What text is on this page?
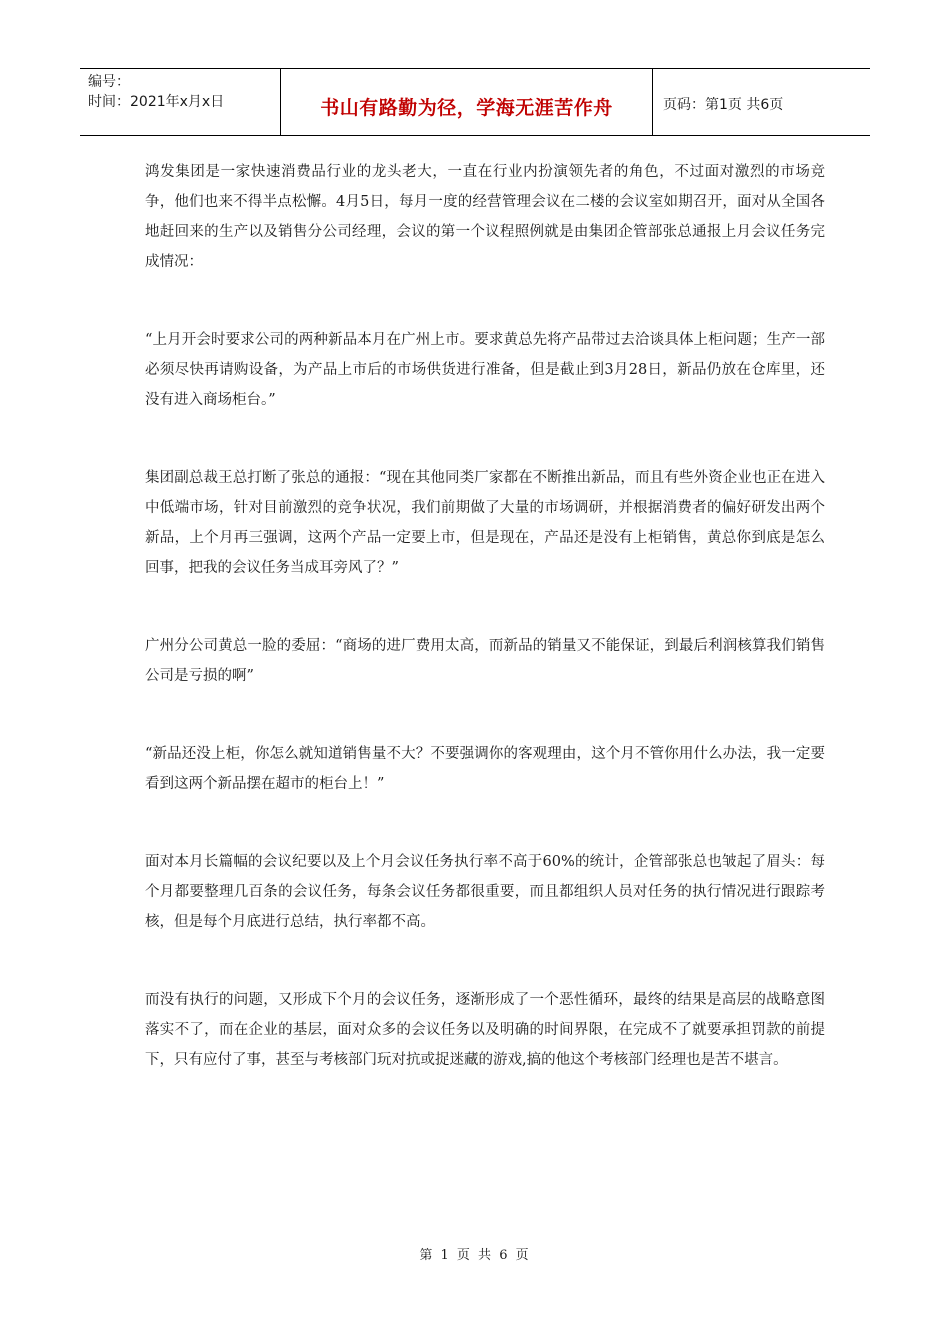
编号：
时间：2021年x月x日	书山有路勤为径，学海无涯苦作舟	页码：第1页 共6页

鸿发集团是一家快速消费品行业的龙头老大，一直在行业内扮演领先者的角色，不过面对激烈的市场竞争，他们也来不得半点松懈。4月5日，每月一度的经营管理会议在二楼的会议室如期召开，面对从全国各地赶回来的生产以及销售分公司经理，会议的第一个议程照例就是由集团企管部张总通报上月会议任务完成情况：

“上月开会时要求公司的两种新品本月在广州上市。要求黄总先将产品带过去洽谈具体上柜问题；生产一部必须尽快再请购设备，为产品上市后的市场供货进行准备，但是截止到3月28日，新品仍放在仓库里，还没有进入商场柜台。”

集团副总裁王总打断了张总的通报：“现在其他同类厂家都在不断推出新品，而且有些外资企业也正在进入中低端市场，针对目前激烈的竞争状况，我们前期做了大量的市场调研，并根据消费者的偏好研发出两个新品，上个月再三强调，这两个产品一定要上市，但是现在，产品还是没有上柜销售，黄总你到底是怎么回事，把我的会议任务当成耳旁风了？”

广州分公司黄总一脸的委屈：“商场的进厂费用太高，而新品的销量又不能保证，到最后利润核算我们销售公司是亏损的啊”

“新品还没上柜，你怎么就知道销售量不大？不要强调你的客观理由，这个月不管你用什么办法，我一定要看到这两个新品摆在超市的柜台上！”

面对本月长篇幅的会议纪要以及上个月会议任务执行率不高于60%的统计，企管部张总也皱起了眉头：每个月都要整理几百条的会议任务，每条会议任务都很重要，而且都组织人员对任务的执行情况进行跟踪考核，但是每个月底进行总结，执行率都不高。

而没有执行的问题，又形成下个月的会议任务，逐渐形成了一个恶性循环，最终的结果是高层的战略意图落实不了，而在企业的基层，面对众多的会议任务以及明确的时间界限，在完成不了就要承担罚款的前提下，只有应付了事，甚至与考核部门玩对抗或捉迷藏的游戏,搞的他这个考核部门经理也是苦不堪言。

第 1 页 共 6 页
